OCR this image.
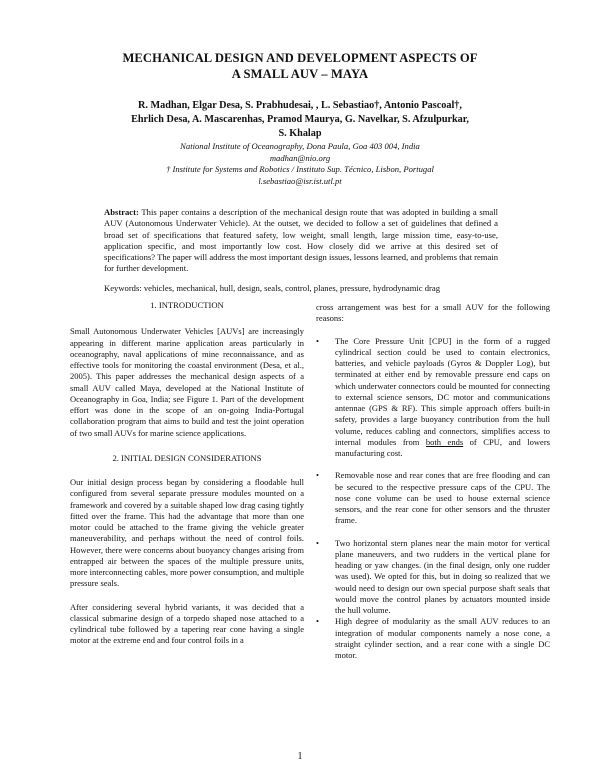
MECHANICAL DESIGN AND DEVELOPMENT ASPECTS OF
A SMALL AUV – MAYA
R. Madhan, Elgar Desa, S. Prabhudesai, , L. Sebastiao†, Antonio Pascoal†,
Ehrlich Desa, A. Mascarenhas, Pramod Maurya, G. Navelkar, S. Afzulpurkar,
S. Khalap
National Institute of Oceanography, Dona Paula, Goa 403 004, India
madhan@nio.org
† Institute for Systems and Robotics / Instituto Sup. Técnico, Lisbon, Portugal
l.sebastiao@isr.ist.utl.pt
Abstract: This paper contains a description of the mechanical design route that was adopted in building a small AUV (Autonomous Underwater Vehicle). At the outset, we decided to follow a set of guidelines that defined a broad set of specifications that featured safety, low weight, small length, large mission time, easy-to-use, application specific, and most importantly low cost. How closely did we arrive at this desired set of specifications? The paper will address the most important design issues, lessons learned, and problems that remain for further development.
Keywords: vehicles, mechanical, hull, design, seals, control, planes, pressure, hydrodynamic drag
1. INTRODUCTION

Small Autonomous Underwater Vehicles [AUVs] are increasingly appearing in different marine application areas particularly in oceanography, naval applications of mine reconnaissance, and as effective tools for monitoring the coastal environment (Desa, et al., 2005). This paper addresses the mechanical design aspects of a small AUV called Maya, developed at the National Institute of Oceanography in Goa, India; see Figure 1. Part of the development effort was done in the scope of an on-going India-Portugal collaboration program that aims to build and test the joint operation of two small AUVs for marine science applications.

2. INITIAL DESIGN CONSIDERATIONS

Our initial design process began by considering a floodable hull configured from several separate pressure modules mounted on a framework and covered by a suitable shaped low drag casing tightly fitted over the frame. This had the advantage that more than one motor could be attached to the frame giving the vehicle greater maneuverability, and perhaps without the need of control foils. However, there were concerns about buoyancy changes arising from entrapped air between the spaces of the multiple pressure units, more interconnecting cables, more power consumption, and multiple pressure seals.

After considering several hybrid variants, it was decided that a classical submarine design of a torpedo shaped nose attached to a cylindrical tube followed by a tapering rear cone having a single motor at the extreme end and four control foils in a

cross arrangement was best for a small AUV for the following reasons:

• The Core Pressure Unit [CPU] in the form of a rugged cylindrical section could be used to contain electronics, batteries, and vehicle payloads (Gyros & Doppler Log), but terminated at either end by removable pressure end caps on which underwater connectors could be mounted for connecting to external science sensors, DC motor and communications antennae (GPS & RF). This simple approach offers built-in safety, provides a large buoyancy contribution from the hull volume, reduces cabling and connectors, simplifies access to internal modules from both ends of CPU, and lowers manufacturing cost.
• Removable nose and rear cones that are free flooding and can be secured to the respective pressure caps of the CPU. The nose cone volume can be used to house external science sensors, and the rear cone for other sensors and the thruster frame.
• Two horizontal stern planes near the main motor for vertical plane maneuvers, and two rudders in the vertical plane for heading or yaw changes. (in the final design, only one rudder was used). We opted for this, but in doing so realized that we would need to design our own special purpose shaft seals that would move the control planes by actuators mounted inside the hull volume.
• High degree of modularity as the small AUV reduces to an integration of modular components namely a nose cone, a straight cylinder section, and a rear cone with a single DC motor.
1
